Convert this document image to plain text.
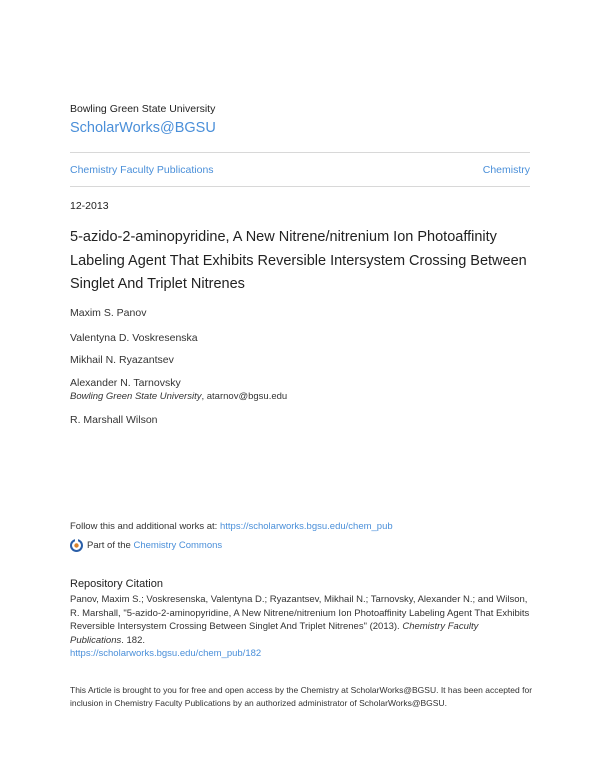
Bowling Green State University
ScholarWorks@BGSU
Chemistry Faculty Publications	Chemistry
12-2013
5-azido-2-aminopyridine, A New Nitrene/nitrenium Ion Photoaffinity Labeling Agent That Exhibits Reversible Intersystem Crossing Between Singlet And Triplet Nitrenes
Maxim S. Panov
Valentyna D. Voskresenska
Mikhail N. Ryazantsev
Alexander N. Tarnovsky
Bowling Green State University, atarnov@bgsu.edu
R. Marshall Wilson
Follow this and additional works at: https://scholarworks.bgsu.edu/chem_pub
Part of the
Chemistry Commons
Repository Citation
Panov, Maxim S.; Voskresenska, Valentyna D.; Ryazantsev, Mikhail N.; Tarnovsky, Alexander N.; and Wilson, R. Marshall, "5-azido-2-aminopyridine, A New Nitrene/nitrenium Ion Photoaffinity Labeling Agent That Exhibits Reversible Intersystem Crossing Between Singlet And Triplet Nitrenes" (2013). Chemistry Faculty Publications. 182.
https://scholarworks.bgsu.edu/chem_pub/182
This Article is brought to you for free and open access by the Chemistry at ScholarWorks@BGSU. It has been accepted for inclusion in Chemistry Faculty Publications by an authorized administrator of ScholarWorks@BGSU.
